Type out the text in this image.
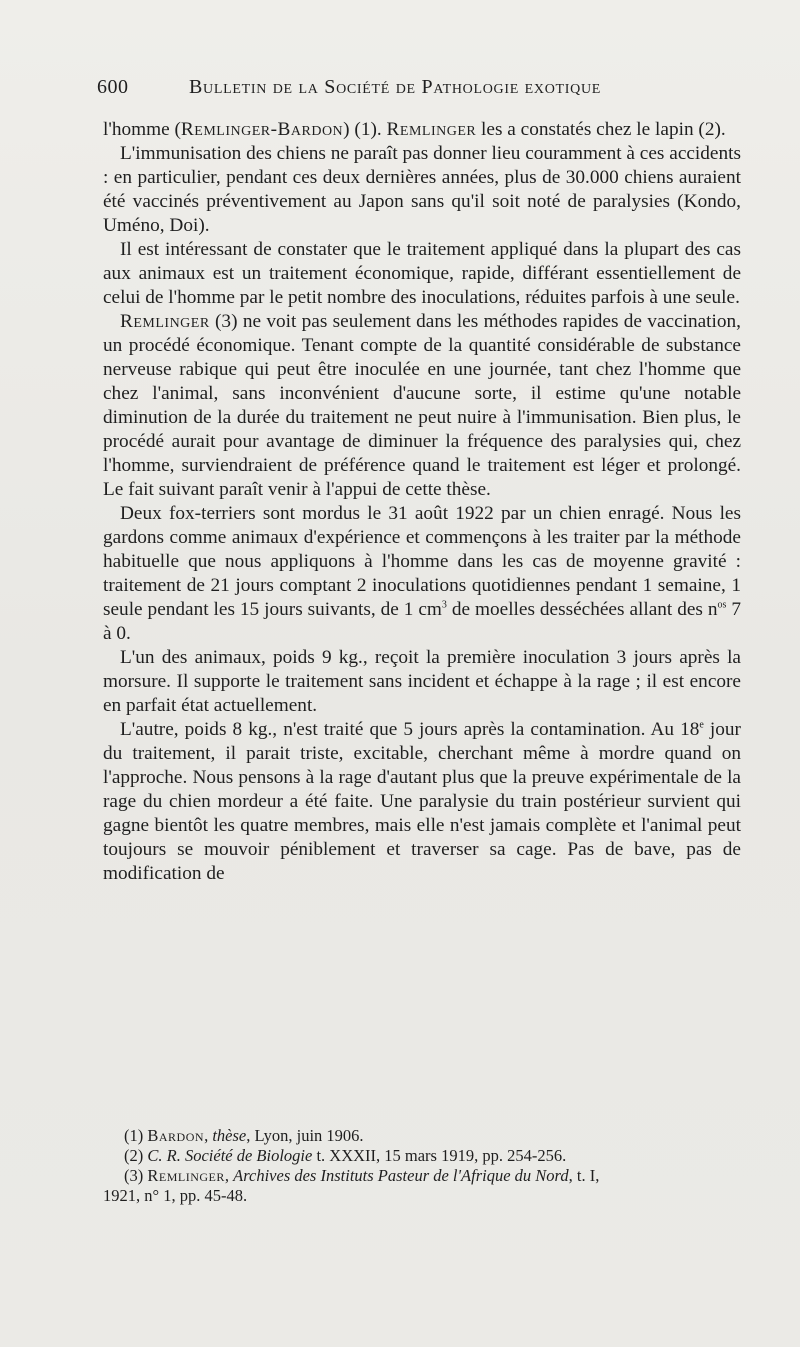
600	Bulletin de la Société de Pathologie exotique

l'homme (Remlinger-Bardon) (1). Remlinger les a constatés chez le lapin (2).

L'immunisation des chiens ne paraît pas donner lieu couramment à ces accidents : en particulier, pendant ces deux dernières années, plus de 30.000 chiens auraient été vaccinés préventivement au Japon sans qu'il soit noté de paralysies (Kondo, Uméno, Doi).

Il est intéressant de constater que le traitement appliqué dans la plupart des cas aux animaux est un traitement économique, rapide, différant essentiellement de celui de l'homme par le petit nombre des inoculations, réduites parfois à une seule.

Remlinger (3) ne voit pas seulement dans les méthodes rapides de vaccination, un procédé économique. Tenant compte de la quantité considérable de substance nerveuse rabique qui peut être inoculée en une journée, tant chez l'homme que chez l'animal, sans inconvénient d'aucune sorte, il estime qu'une notable diminution de la durée du traitement ne peut nuire à l'immunisation. Bien plus, le procédé aurait pour avantage de diminuer la fréquence des paralysies qui, chez l'homme, surviendraient de préférence quand le traitement est léger et prolongé. Le fait suivant paraît venir à l'appui de cette thèse.

Deux fox-terriers sont mordus le 31 août 1922 par un chien enragé. Nous les gardons comme animaux d'expérience et commençons à les traiter par la méthode habituelle que nous appliquons à l'homme dans les cas de moyenne gravité : traitement de 21 jours comptant 2 inoculations quotidiennes pendant 1 semaine, 1 seule pendant les 15 jours suivants, de 1 $cm^3$ de moelles desséchées allant des $n^{os}$ 7 à 0.

L'un des animaux, poids 9 kg., reçoit la première inoculation 3 jours après la morsure. Il supporte le traitement sans incident et échappe à la rage ; il est encore en parfait état actuellement.

L'autre, poids 8 kg., n'est traité que 5 jours après la contamination. Au 18e jour du traitement, il parait triste, excitable, cherchant même à mordre quand on l'approche. Nous pensons à la rage d'autant plus que la preuve expérimentale de la rage du chien mordeur a été faite. Une paralysie du train postérieur survient qui gagne bientôt les quatre membres, mais elle n'est jamais complète et l'animal peut toujours se mouvoir péniblement et traverser sa cage. Pas de bave, pas de modification de

(1) Bardon, thèse, Lyon, juin 1906.

(2) C. R. Société de Biologie t. XXXII, 15 mars 1919, pp. 254-256.

(3) Remlinger, Archives des Instituts Pasteur de l'Afrique du Nord, t. I,

1921, n° 1, pp. 45-48.
